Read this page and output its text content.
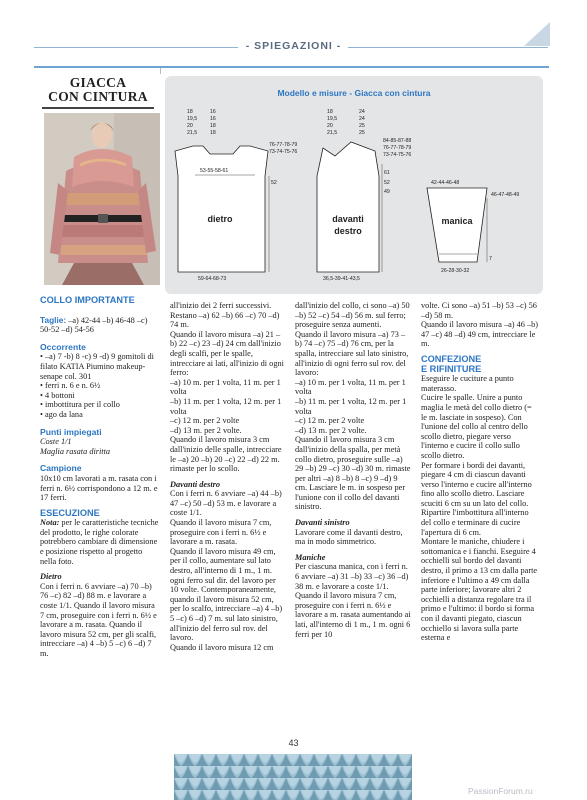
- SPIEGAZIONI -
GIACCA
CON CINTURA	Modello e misure - Giacca con cintura
dietro
18
19,5
20
21,5
16
16
18
18
76-77-78-79
73-74-75-76
53-55-58-61
52
59-64-68-73
davanti
destro
18
19,5
20
21,5
24
24
25
25
84-85-87-88
76-77-78-79
73-74-75-76
61
52
49
36,5-39-41-43,5
manica
42-44-46-48
46-47-48-49
7
26-28-30-32

COLLO IMPORTANTE

Taglie: –a) 42-44 –b) 46-48 –c) 50-52 –d) 54-56

Occorrente

• –a) 7 -b) 8 -c) 9 -d) 9 gomitoli di filato KATIA Piumino makeup-senape col. 301

• ferri n. 6 e n. 6½

• 4 bottoni

• imbottitura per il collo

• ago da lana

Punti impiegati

Coste 1/1

Maglia rasata diritta

Campione

10x10 cm lavorati a m. rasata con i ferri n. 6½ corrispondono a 12 m. e 17 ferri.

ESECUZIONE

Nota: per le caratteristiche tecniche del prodotto, le righe colorate potrebbero cambiare di dimensione e posizione rispetto al progetto nella foto.

Dietro

Con i ferri n. 6 avviare –a) 70 –b) 76 –c) 82 –d) 88 m. e lavorare a coste 1/1. Quando il lavoro misura 7 cm, proseguire con i ferri n. 6½ e lavorare a m. rasata. Quando il lavoro misura 52 cm, per gli scalfi, intrecciare –a) 4 –b) 5 –c) 6 –d) 7 m.

all'inizio dei 2 ferri successivi. Restano –a) 62 –b) 66 –c) 70 –d) 74 m.

Quando il lavoro misura –a) 21 –b) 22 –c) 23 –d) 24 cm dall'inizio degli scalfi, per le spalle, intrecciare ai lati, all'inizio di ogni ferro:

–a) 10 m. per 1 volta, 11 m. per 1 volta

–b) 11 m. per 1 volta, 12 m. per 1 volta

–c) 12 m. per 2 volte

–d) 13 m. per 2 volte.

Quando il lavoro misura 3 cm dall'inizio delle spalle, intrecciare le –a) 20 –b) 20 –c) 22 –d) 22 m. rimaste per lo scollo.

Davanti destro

Con i ferri n. 6 avviare –a) 44 –b) 47 –c) 50 –d) 53 m. e lavorare a coste 1/1.

Quando il lavoro misura 7 cm, proseguire con i ferri n. 6½ e lavorare a m. rasata.

Quando il lavoro misura 49 cm, per il collo, aumentare sul lato destro, all'interno di 1 m., 1 m. ogni ferro sul dir. del lavoro per 10 volte. Contemporaneamente, quando il lavoro misura 52 cm, per lo scalfo, intrecciare –a) 4 –b) 5 –c) 6 –d) 7 m. sul lato sinistro, all'inizio del ferro sul rov. del lavoro.

Quando il lavoro misura 12 cm

dall'inizio del collo, ci sono –a) 50 –b) 52 –c) 54 –d) 56 m. sul ferro; proseguire senza aumenti.

Quando il lavoro misura –a) 73 –b) 74 –c) 75 –d) 76 cm, per la spalla, intrecciare sul lato sinistro, all'inizio di ogni ferro sul rov. del lavoro:

–a) 10 m. per 1 volta, 11 m. per 1 volta

–b) 11 m. per 1 volta, 12 m. per 1 volta

–c) 12 m. per 2 volte

–d) 13 m. per 2 volte.

Quando il lavoro misura 3 cm dall'inizio della spalla, per metà collo dietro, proseguire sulle –a) 29 –b) 29 –c) 30 –d) 30 m. rimaste per altri –a) 8 –b) 8 –c) 9 –d) 9 cm. Lasciare le m. in sospeso per l'unione con il collo del davanti sinistro.

Davanti sinistro

Lavorare come il davanti destro, ma in modo simmetrico.

Maniche

Per ciascuna manica, con i ferri n. 6 avviare –a) 31 –b) 33 –c) 36 –d) 38 m. e lavorare a coste 1/1.

Quando il lavoro misura 7 cm, proseguire con i ferri n. 6½ e lavorare a m. rasata aumentando ai lati, all'interno di 1 m., 1 m. ogni 6 ferri per 10

volte. Ci sono –a) 51 –b) 53 –c) 56 –d) 58 m.

Quando il lavoro misura –a) 46 –b) 47 –c) 48 –d) 49 cm, intrecciare le m.

CONFEZIONE

E RIFINITURE

Eseguire le cuciture a punto materasso.

Cucire le spalle. Unire a punto maglia le metà del collo dietro (= le m. lasciate in sospeso). Con l'unione del collo al centro dello scollo dietro, piegare verso l'interno e cucire il collo sullo scollo dietro.

Per formare i bordi dei davanti, piegare 4 cm di ciascun davanti verso l'interno e cucire all'interno fino allo scollo dietro. Lasciare scuciti 6 cm su un lato del collo. Ripartire l'imbottitura all'interno del collo e terminare di cucire l'apertura di 6 cm.

Montare le maniche, chiudere i sottomanica e i fianchi. Eseguire 4 occhielli sul bordo del davanti destro, il primo a 13 cm dalla parte inferiore e l'ultimo a 49 cm dalla parte inferiore; lavorare altri 2 occhielli a distanza regolare tra il primo e l'ultimo: il bordo si forma con il davanti piegato, ciascun occhiello si lavora sulla parte esterna e

43
PassionForum.ru
